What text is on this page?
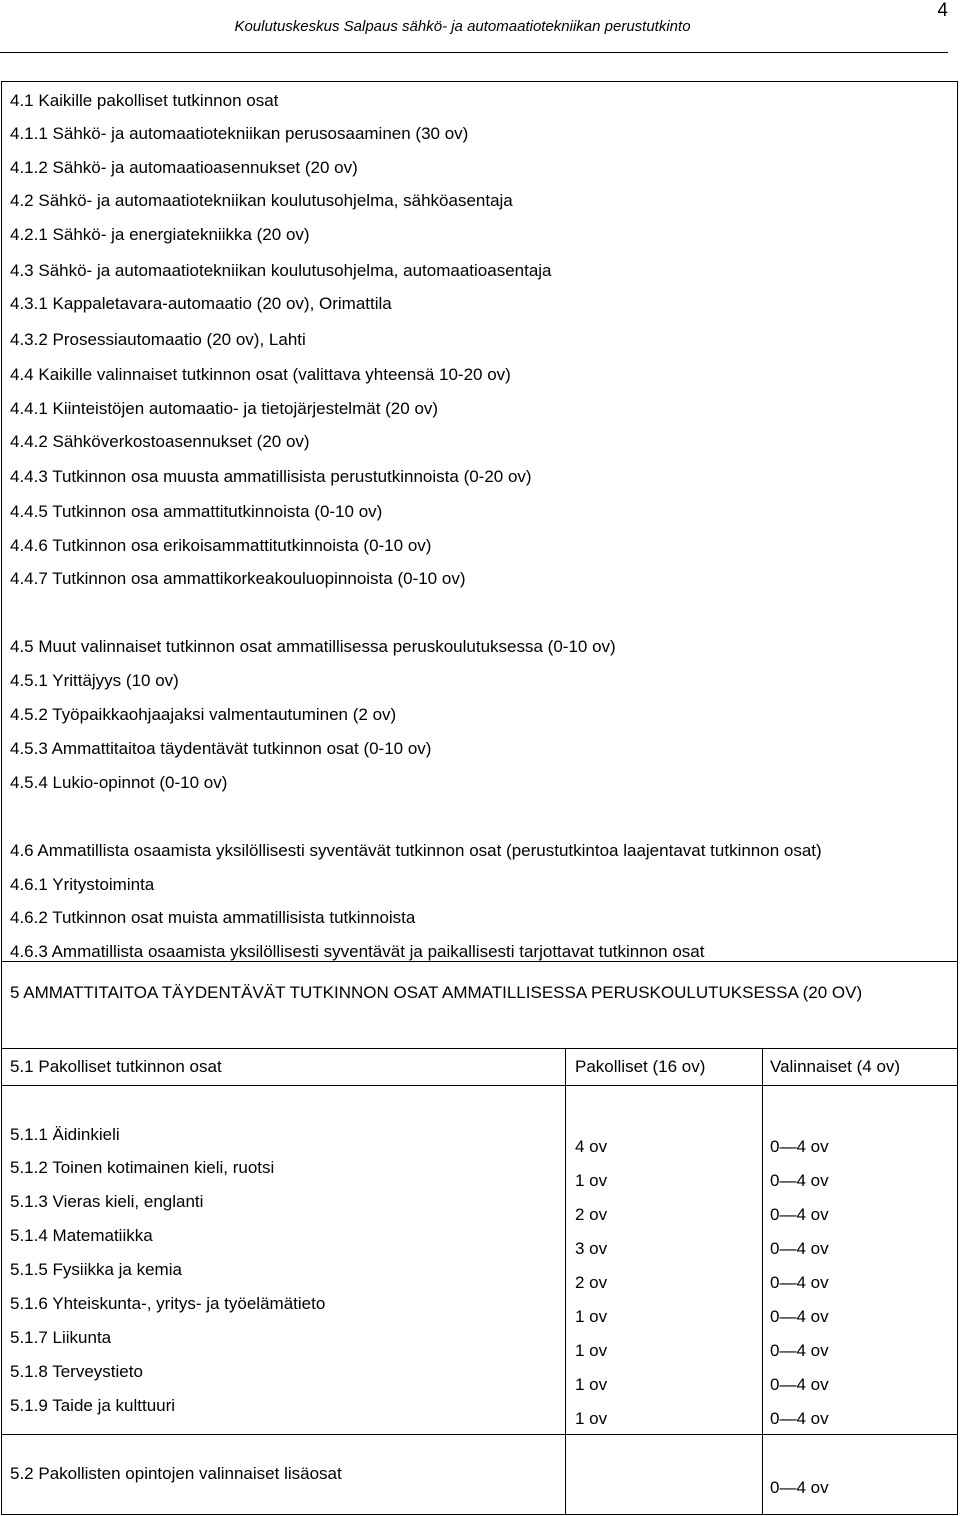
Koulutuskeskus Salpaus sähkö- ja automaatiotekniikan perustutkinto
4
4.1 Kaikille pakolliset tutkinnon osat
4.1.1 Sähkö- ja automaatiotekniikan perusosaaminen (30 ov)
4.1.2 Sähkö- ja automaatioasennukset (20 ov)
4.2 Sähkö- ja automaatiotekniikan koulutusohjelma, sähköasentaja
4.2.1 Sähkö- ja energiatekniikka (20 ov)
4.3 Sähkö- ja automaatiotekniikan koulutusohjelma, automaatioasentaja
4.3.1 Kappaletavara-automaatio (20 ov), Orimattila
4.3.2 Prosessiautomaatio (20 ov), Lahti
4.4 Kaikille valinnaiset tutkinnon osat (valittava yhteensä 10-20 ov)
4.4.1 Kiinteistöjen automaatio- ja tietojärjestelmät (20 ov)
4.4.2 Sähköverkostoasennukset (20 ov)
4.4.3 Tutkinnon osa muusta ammatillisista perustutkinnoista (0-20 ov)
4.4.5 Tutkinnon osa ammattitutkinnoista (0-10 ov)
4.4.6 Tutkinnon osa erikoisammattitutkinnoista (0-10 ov)
4.4.7 Tutkinnon osa ammattikorkeakouluopinnoista (0-10 ov)
4.5 Muut valinnaiset tutkinnon osat ammatillisessa peruskoulutuksessa (0-10 ov)
4.5.1 Yrittäjyys (10 ov)
4.5.2 Työpaikkaohjaajaksi valmentautuminen (2 ov)
4.5.3 Ammattitaitoa täydentävät tutkinnon osat (0-10 ov)
4.5.4 Lukio-opinnot (0-10 ov)
4.6 Ammatillista osaamista yksilöllisesti syventävät tutkinnon osat (perustutkintoa laajentavat tutkinnon osat)
4.6.1 Yritystoiminta
4.6.2 Tutkinnon osat muista ammatillisista tutkinnoista
4.6.3 Ammatillista osaamista yksilöllisesti syventävät ja paikallisesti tarjottavat tutkinnon osat
5 AMMATTITAITOA TÄYDENTÄVÄT TUTKINNON OSAT AMMATILLISESSA PERUSKOULUTUKSESSA (20 OV)
5.1 Pakolliset tutkinnon osat	Pakolliset (16 ov)	Valinnaiset (4 ov)
5.1.1 Äidinkieli
5.1.2 Toinen kotimainen kieli, ruotsi
5.1.3 Vieras kieli, englanti
5.1.4 Matematiikka
5.1.5 Fysiikka ja kemia
5.1.6 Yhteiskunta-, yritys- ja työelämätieto
5.1.7 Liikunta
5.1.8 Terveystieto
5.1.9 Taide ja kulttuuri
4 ov
1 ov
2 ov
3 ov
2 ov
1 ov
1 ov
1 ov
1 ov
0—4 ov
0—4 ov
0—4 ov
0—4 ov
0—4 ov
0—4 ov
0—4 ov
0—4 ov
0—4 ov
5.2 Pakollisten opintojen valinnaiset lisäosat
0—4 ov
